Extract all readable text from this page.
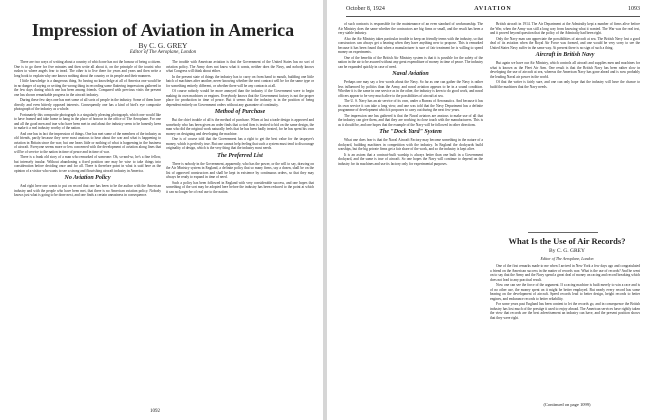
Impression of Aviation in America
By C. G. GREY
Editor of The Aeroplane, London

There are two ways of writing about a country of which one has not the honour of being a citizen. One is to go there for five minutes and then write all about it, on the principle of the tourist who rushes to where angels fear to tread. The other is to live there for years and years and then write a long book to explain why one knows nothing about the country or its people and their manners.

I little knowledge is a dangerous thing. So having no knowledge at all of America one would be in no danger of saying or writing the wrong thing in recording some flattering impressions gathered in the few days during which one has been among friends. Compared with previous visits the present one has shown remarkable progress in the aircraft industry.

During these few days one has met some of all sorts of people in the industry. Some of them have directly and even bitterly opposed interests. Consequently one has a kind of bird's eye composite photograph of the industry as a whole.

Fortunately this composite photograph is a singularly pleasing photograph, which one would like to have framed and take home to hang in the place of honour in the office of The Aeroplane. For one and all the good men and true who have been met in and about the industry seem to be honestly keen to make it a real industry worthy of the nation.

And one has in fact the impression of things. One has met some of the members of the industry as old friends, partly because they were most anxious to hear about the war and what is happening to aviation in Britain since the war; but one hears little or nothing of what is happening in the business of aircraft. Everyone seems more or less concerned with the development of aviation along lines that will be of service to the nation in time of peace and in time of war.

There is a frank old story of a man who remarked of someone: Oh, so-and-so, he's a fine fellow, but intensely insular. Without abandoning a fixed position one may be wise to take things into consideration before deciding once and for all. There is therefore point in what is said here as the opinion of a visitor who wants to see a strong and flourishing aircraft industry in America.

No Aviation Policy

And right here one wants to put on record that one has been to be the author with the American industry and with the people who have been met, that there is no American aviation policy. Nobody knows just what is going to be done next, and one finds a certain uneasiness in consequence.

The trouble with American aviation is that the Government of the United States has no sort of aviation policy. The Army does not know what it wants, neither does the Navy, and nobody knows what Congress will think about either.

In the present state of things the industry has to carry on from hand to mouth, building one little batch of machines after another, never knowing whether the next contract will be for the same type or for something entirely different, or whether there will be any contracts at all.

Of course nobody would be more annoyed than the industry if the Government were to begin making its own machines or engines. Everybody knows that the Government factory is not the proper place for production in time of peace. But it seems that the industry is in the position of being dependent entirely on Government orders without any guarantee of continuity.

Method of Purchase

But the chief trouble of all is the method of purchase. When at last a trade design is approved and somebody who has been given an order finds that a rival firm is invited to bid on the same design, the man who did the original work naturally feels that he has been badly treated, for he has spent his own money on designing and developing the machine.

One is of course told that the Government has a right to get the best value for the taxpayer's money, which is perfectly true. But one cannot help feeling that such a system must tend to discourage originality of design, which is the very thing that the industry most needs.

The Preferred List

There is nobody in the Government, apparently, who has the power, or the will to say, drawing on the Air Ministry system in England, a definite policy that so many firms, say a dozen, shall be on the list of approved constructors and shall be kept in existence by continuous orders, so that they may always be ready to expand in time of need.

Such a policy has been followed in England with very considerable success, and one hopes that something of the sort may be adopted here before the industry has been reduced to the point at which it can no longer be of real use to the nation.

1092
October 8, 1924	AVIATION	1093

of such contracts is responsible for the maintenance of an even standard of workmanship. The Air Ministry does the same whether the contractors are big firms or small, and the result has been a very stable industry.

Also the Air Ministry takes particular trouble to keep on friendly terms with the industry, so that constructors can always get a hearing when they have anything new to propose. This is remarked because it has been found that when a manufacturer is sure of fair treatment he is willing to spend money on experiments.

One of the benefits of the British Air Ministry system is that it is possible for the safety of the nation in the air to be assured without any great expenditure of money in time of peace. The industry can be expanded quickly in case of need.

Naval Aviation

Perhaps one may say a few words about the Navy. So far as one can gather the Navy is rather less influenced by politics than the Army, and naval aviation appears to be in a sound condition. Whether it is the same in one service as in the other, the industry is keen to do good work, and naval officers appear to be very much alive to the possibilities of aircraft at sea.

The U. S. Navy has an air service of its own, under a Bureau of Aeronautics. And because it has its own service it can take a long view, and one was told that the Navy Department has a definite programme of development which it proposes to carry out during the next few years.

The impression one has gathered is that the Naval aviators are anxious to make use of all that the industry can give them, and that they are working in close touch with the manufacturers. This is as it should be, and one hopes that the example of the Navy will be followed in other directions.

The "Dock Yard" System

What one does fear is that the Naval Aircraft Factory may become something in the nature of a dockyard, building machines in competition with the industry. In England the dockyards build warships, but the big private firms get a fair share of the work, and so the industry is kept alive.

It is an axiom that a contract-built warship is always better than one built in a Government dockyard, and the same is true of aircraft. So one hopes the Navy will continue to depend on the industry for its machines and use its factory only for experimental purposes.

British aircraft in 1914. The Air Department at the Admiralty kept a number of firms alive before the War, when the Army was still a long way from knowing what it wanted. The War was the real test, and it proved beyond question that the policy of the Admiralty had been right.

Only the Navy man can appreciate the possibilities of aircraft at sea. The British Navy lost a good deal of its aviation when the Royal Air Force was formed, and one would be very sorry to see the United States Navy suffer in the same way. At present there is no sign of such a thing.

Aircraft in British Navy

But again we have our Air Ministry, which controls all aircraft and supplies men and machines for what is known as the Fleet Air Arm. One result is that the British Navy has been rather slow in developing the use of aircraft at sea, whereas the American Navy has gone ahead and is now probably the leading Naval air power in the world.

Of that the writer is fairly sure, and one can only hope that the industry will have the chance to build the machines that the Navy needs.

What Is the Use of Air Records?
By C. G. GREY
Editor of The Aeroplane, London

One of the first remarks made to me when I arrived in New York a few days ago and congratulated a friend on the American success in the matter of records was: What is the use of records? And he went on to say that the Army and the Navy spend a great deal of money on racing and record breaking which does not lead to any practical result.

Now one can see the force of the argument. If a racing machine is built merely to win a race and is of no other use, the money spent on it might be better employed. But nearly every record has some bearing on the development of aircraft. Speed records lead to better design, height records to better engines, and endurance records to better reliability.

For some years past England has been content to let the records go, and in consequence the British industry has lost much of the prestige it used to enjoy abroad. The American services have rightly taken the view that records are the best advertisement an industry can have, and the present position shows that they were right.

(Continued on page 1099)
